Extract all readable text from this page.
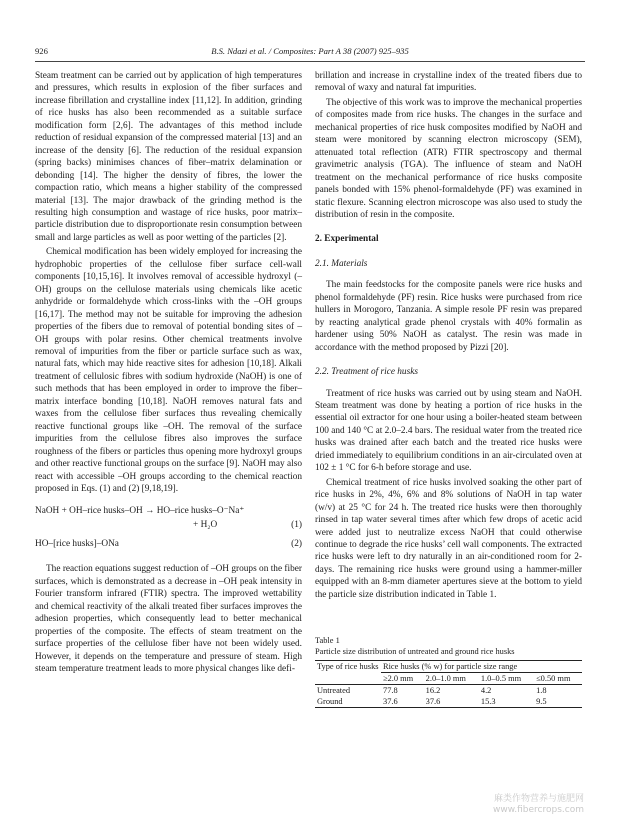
926	B.S. Ndazi et al. / Composites: Part A 38 (2007) 925–935

Steam treatment can be carried out by application of high temperatures and pressures, which results in explosion of the fiber surfaces and increase fibrillation and crystalline index [11,12]. In addition, grinding of rice husks has also been recommended as a suitable surface modification form [2,6]. The advantages of this method include reduction of residual expansion of the compressed material [13] and an increase of the density [6]. The reduction of the residual expansion (spring backs) minimises chances of fiber–matrix delamination or debonding [14]. The higher the density of fibres, the lower the compaction ratio, which means a higher stability of the compressed material [13]. The major drawback of the grinding method is the resulting high consumption and wastage of rice husks, poor matrix–particle distribution due to disproportionate resin consumption between small and large particles as well as poor wetting of the particles [2].

Chemical modification has been widely employed for increasing the hydrophobic properties of the cellulose fiber surface cell-wall components [10,15,16]. It involves removal of accessible hydroxyl (–OH) groups on the cellulose materials using chemicals like acetic anhydride or formaldehyde which cross-links with the –OH groups [16,17]. The method may not be suitable for improving the adhesion properties of the fibers due to removal of potential bonding sites of –OH groups with polar resins. Other chemical treatments involve removal of impurities from the fiber or particle surface such as wax, natural fats, which may hide reactive sites for adhesion [10,18]. Alkali treatment of cellulosic fibres with sodium hydroxide (NaOH) is one of such methods that has been employed in order to improve the fiber–matrix interface bonding [10,18]. NaOH removes natural fats and waxes from the cellulose fiber surfaces thus revealing chemically reactive functional groups like –OH. The removal of the surface impurities from the cellulose fibres also improves the surface roughness of the fibers or particles thus opening more hydroxyl groups and other reactive functional groups on the surface [9]. NaOH may also react with accessible –OH groups according to the chemical reaction proposed in Eqs. (1) and (2) [9,18,19].

NaOH + OH–rice husks–OH → HO–rice husks–O⁻Na⁺
+ H₂O	(1)
HO–[rice husks]–ONa	(2)

The reaction equations suggest reduction of –OH groups on the fiber surfaces, which is demonstrated as a decrease in –OH peak intensity in Fourier transform infrared (FTIR) spectra. The improved wettability and chemical reactivity of the alkali treated fiber surfaces improves the adhesion properties, which consequently lead to better mechanical properties of the composite. The effects of steam treatment on the surface properties of the cellulose fiber have not been widely used. However, it depends on the temperature and pressure of steam. High steam temperature treatment leads to more physical changes like defi-

brillation and increase in crystalline index of the treated fibers due to removal of waxy and natural fat impurities.

The objective of this work was to improve the mechanical properties of composites made from rice husks. The changes in the surface and mechanical properties of rice husk composites modified by NaOH and steam were monitored by scanning electron microscopy (SEM), attenuated total reflection (ATR) FTIR spectroscopy and thermal gravimetric analysis (TGA). The influence of steam and NaOH treatment on the mechanical performance of rice husks composite panels bonded with 15% phenol-formaldehyde (PF) was examined in static flexure. Scanning electron microscope was also used to study the distribution of resin in the composite.

2. Experimental
2.1. Materials

The main feedstocks for the composite panels were rice husks and phenol formaldehyde (PF) resin. Rice husks were purchased from rice hullers in Morogoro, Tanzania. A simple resole PF resin was prepared by reacting analytical grade phenol crystals with 40% formalin as hardener using 50% NaOH as catalyst. The resin was made in accordance with the method proposed by Pizzi [20].

2.2. Treatment of rice husks

Treatment of rice husks was carried out by using steam and NaOH. Steam treatment was done by heating a portion of rice husks in the essential oil extractor for one hour using a boiler-heated steam between 100 and 140 °C at 2.0–2.4 bars. The residual water from the treated rice husks was drained after each batch and the treated rice husks were dried immediately to equilibrium conditions in an air-circulated oven at 102 ± 1 °C for 6-h before storage and use.

Chemical treatment of rice husks involved soaking the other part of rice husks in 2%, 4%, 6% and 8% solutions of NaOH in tap water (w/v) at 25 °C for 24 h. The treated rice husks were then thoroughly rinsed in tap water several times after which few drops of acetic acid were added just to neutralize excess NaOH that could otherwise continue to degrade the rice husks’ cell wall components. The extracted rice husks were left to dry naturally in an air-conditioned room for 2-days. The remaining rice husks were ground using a hammer-miller equipped with an 8-mm diameter apertures sieve at the bottom to yield the particle size distribution indicated in Table 1.

Table 1
Particle size distribution of untreated and ground rice husks
Type of rice husks	Rice husks (% w) for particle size range			
	≥2.0 mm	2.0–1.0 mm	1.0–0.5 mm	≤0.50 mm
Untreated	77.8	16.2	4.2	1.8
Ground	37.6	37.6	15.3	9.5
麻类作物营养与施肥网
www.fibercrops.com
